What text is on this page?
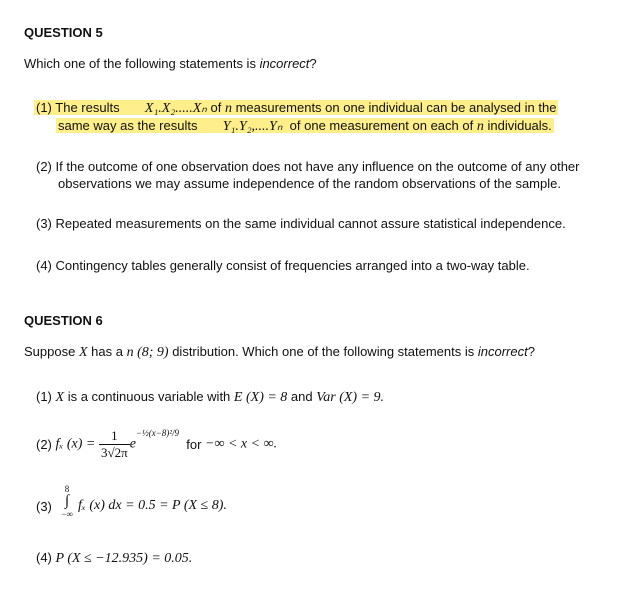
QUESTION 5
Which one of the following statements is incorrect?
(1) The results X₁.X₂.....Xₙ of n measurements on one individual can be analysed in the
same way as the results Y₁.Y₂,....Yₙ of one measurement on each of n individuals.
(2) If the outcome of one observation does not have any influence on the outcome of any other
observations we may assume independence of the random observations of the sample.
(3) Repeated measurements on the same individual cannot assure statistical independence.
(4) Contingency tables generally consist of frequencies arranged into a two-way table.
QUESTION 6
Suppose X has a n (8; 9) distribution. Which one of the following statements is incorrect?
(1) X is a continuous variable with E (X) = 8 and Var (X) = 9.
(2) fₓ $(x) = \frac{1}{3√2\pi} e^{-\frac{1}{2}(x-8)^2/9}$  for −∞ < x < ∞.
(3)
8
∫
−∞
fₓ (x) dx = 0.5 = P (X ≤ 8).
(4) P (X ≤ −12.935) = 0.05.
